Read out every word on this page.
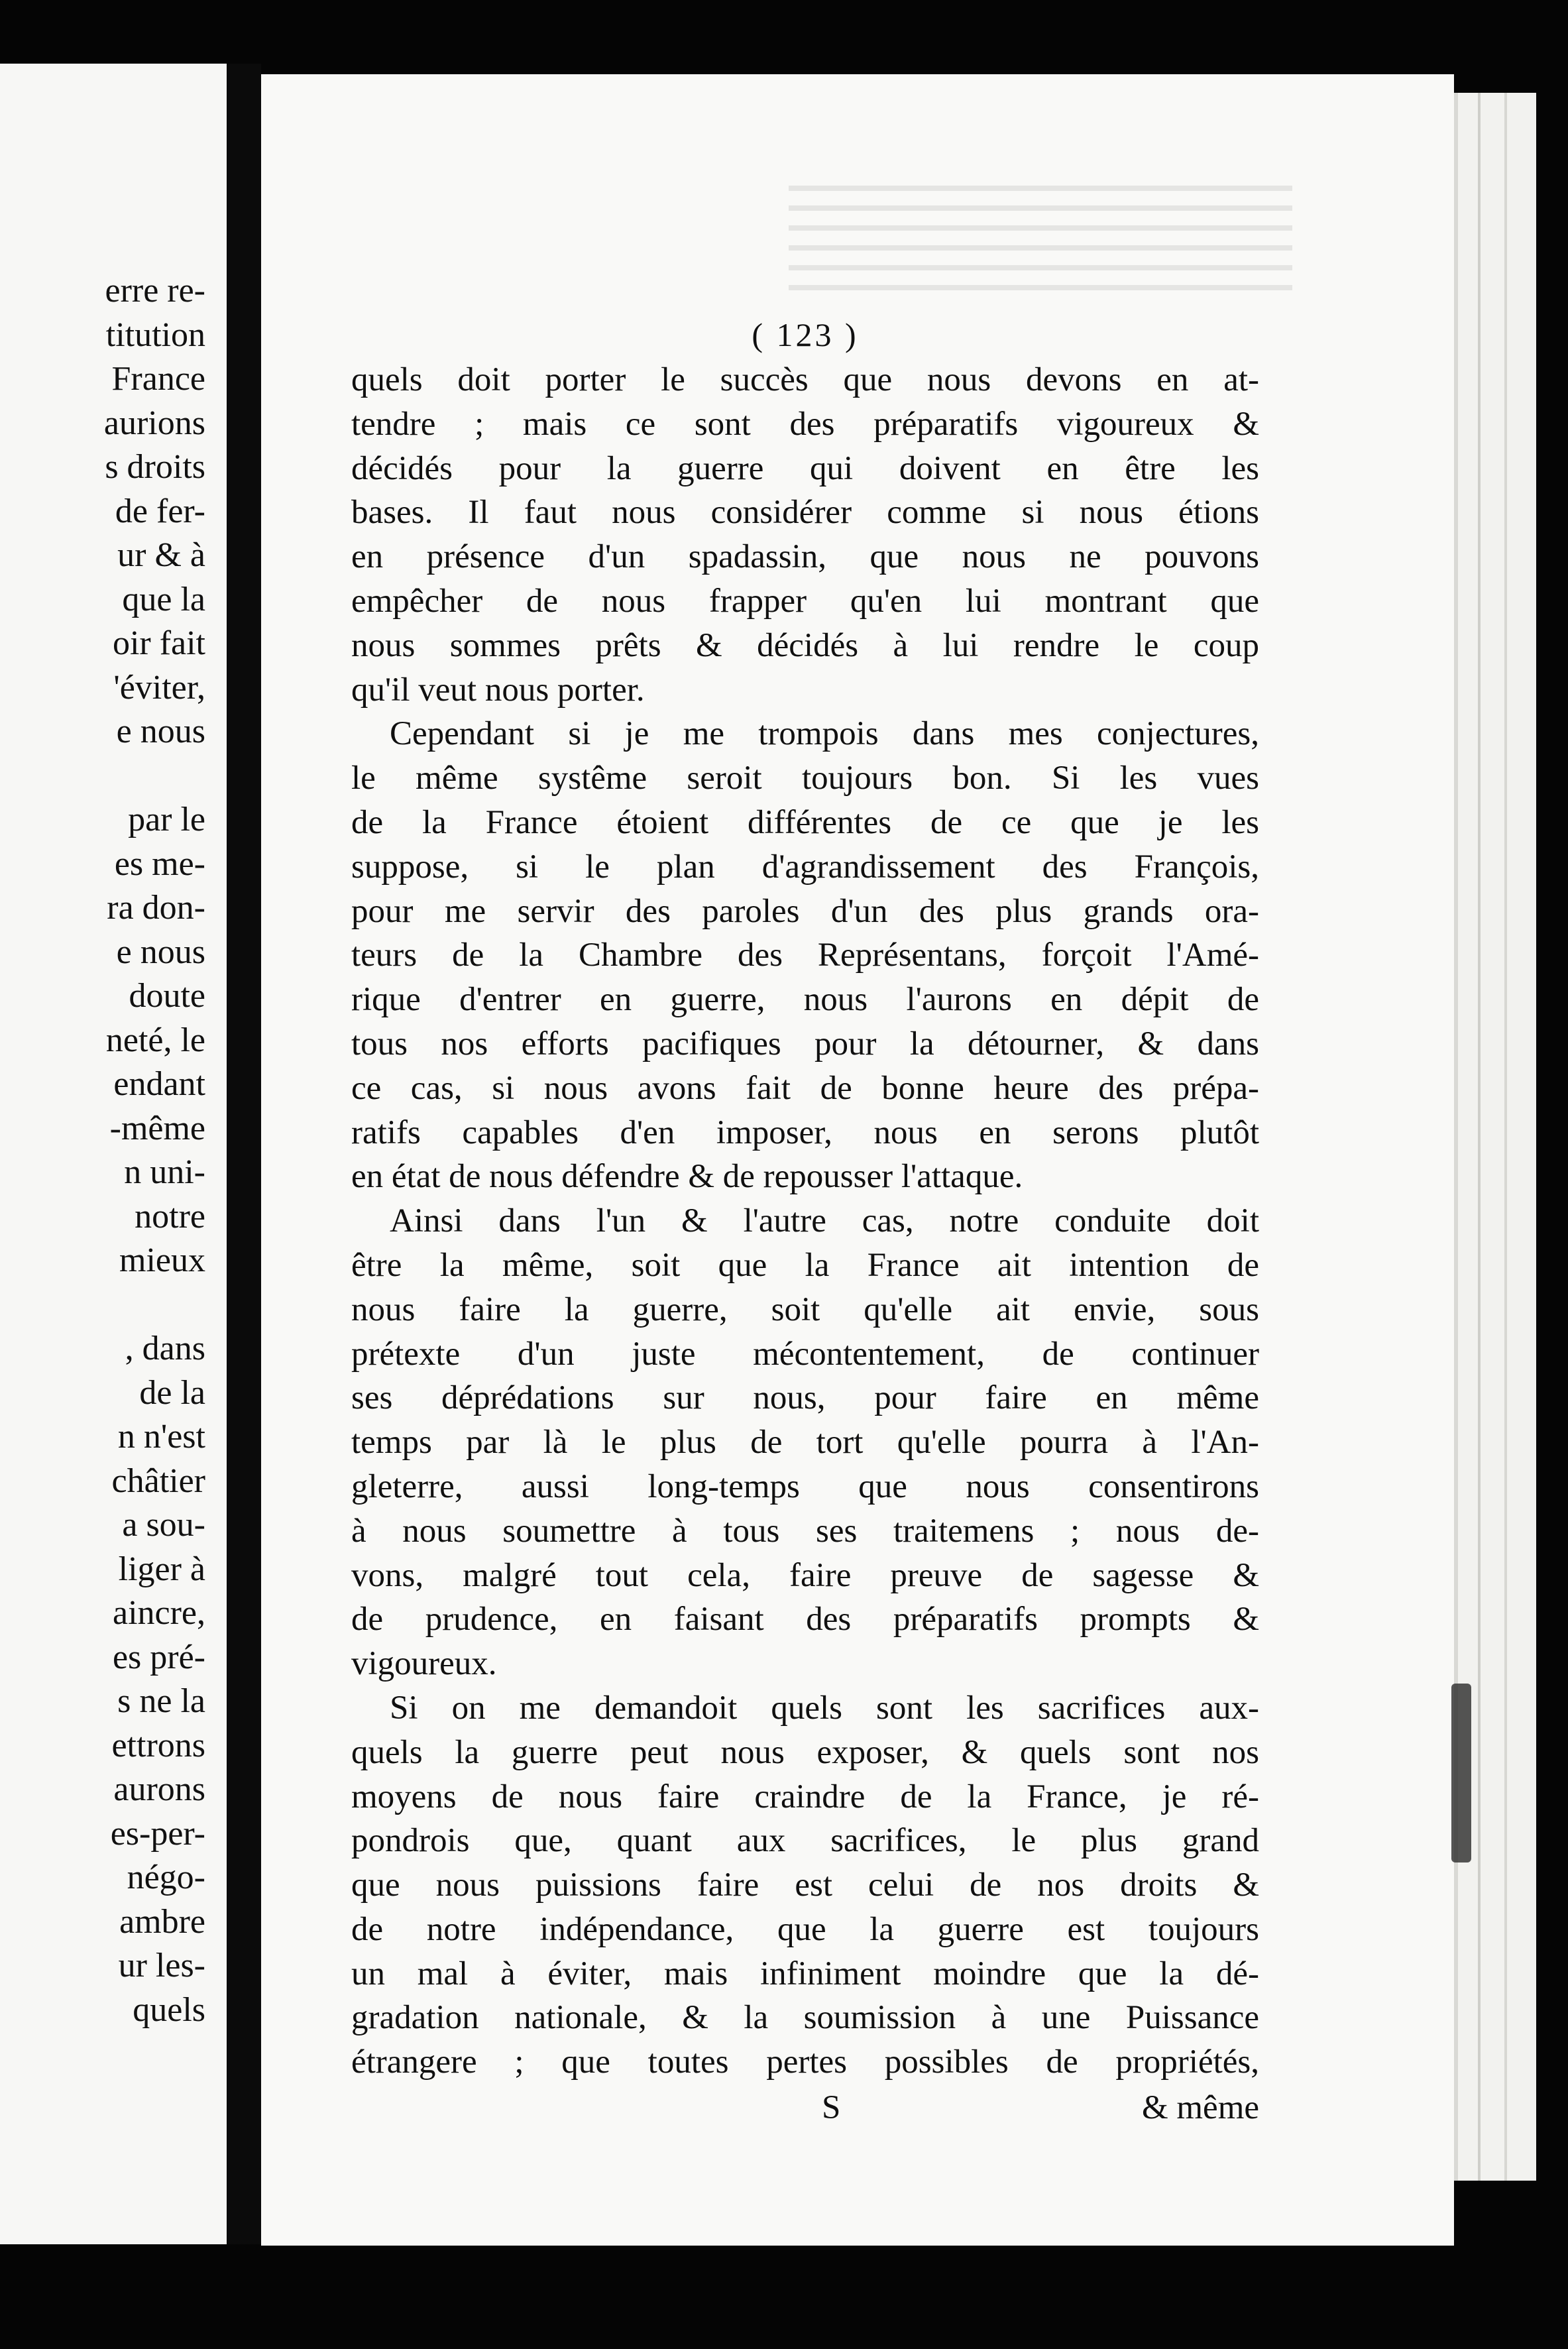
erre re-
titution
France
aurions
s droits
de fer-
ur & à
que la
oir fait
'éviter,
e nous
par le
es me-
ra don-
e nous
doute
neté, le
endant
-même
n uni-
notre
mieux
, dans
de la
n n'est
châtier
a sou-
liger à
aincre,
es pré-
s ne la
ettrons
aurons
es-per-
négo-
ambre
ur les-
quels
( 123 )
quels doit porter le succès que nous devons en at-
tendre ; mais ce sont des préparatifs vigoureux &
décidés pour la guerre qui doivent en être les
bases. Il faut nous considérer comme si nous étions
en présence d'un spadassin, que nous ne pouvons
empêcher de nous frapper qu'en lui montrant que
nous sommes prêts & décidés à lui rendre le coup
qu'il veut nous porter.
Cependant si je me trompois dans mes conjectures,
le même systême seroit toujours bon. Si les vues
de la France étoient différentes de ce que je les
suppose, si le plan d'agrandissement des François,
pour me servir des paroles d'un des plus grands ora-
teurs de la Chambre des Représentans, forçoit l'Amé-
rique d'entrer en guerre, nous l'aurons en dépit de
tous nos efforts pacifiques pour la détourner, & dans
ce cas, si nous avons fait de bonne heure des prépa-
ratifs capables d'en imposer, nous en serons plutôt
en état de nous défendre & de repousser l'attaque.
Ainsi dans l'un & l'autre cas, notre conduite doit
être la même, soit que la France ait intention de
nous faire la guerre, soit qu'elle ait envie, sous
prétexte d'un juste mécontentement, de continuer
ses déprédations sur nous, pour faire en même
temps par là le plus de tort qu'elle pourra à l'An-
gleterre, aussi long-temps que nous consentirons
à nous soumettre à tous ses traitemens ; nous de-
vons, malgré tout cela, faire preuve de sagesse &
de prudence, en faisant des préparatifs prompts &
vigoureux.
Si on me demandoit quels sont les sacrifices aux-
quels la guerre peut nous exposer, & quels sont nos
moyens de nous faire craindre de la France, je ré-
pondrois que, quant aux sacrifices, le plus grand
que nous puissions faire est celui de nos droits &
de notre indépendance, que la guerre est toujours
un mal à éviter, mais infiniment moindre que la dé-
gradation nationale, & la soumission à une Puissance
étrangere ; que toutes pertes possibles de propriétés,
S	& même
